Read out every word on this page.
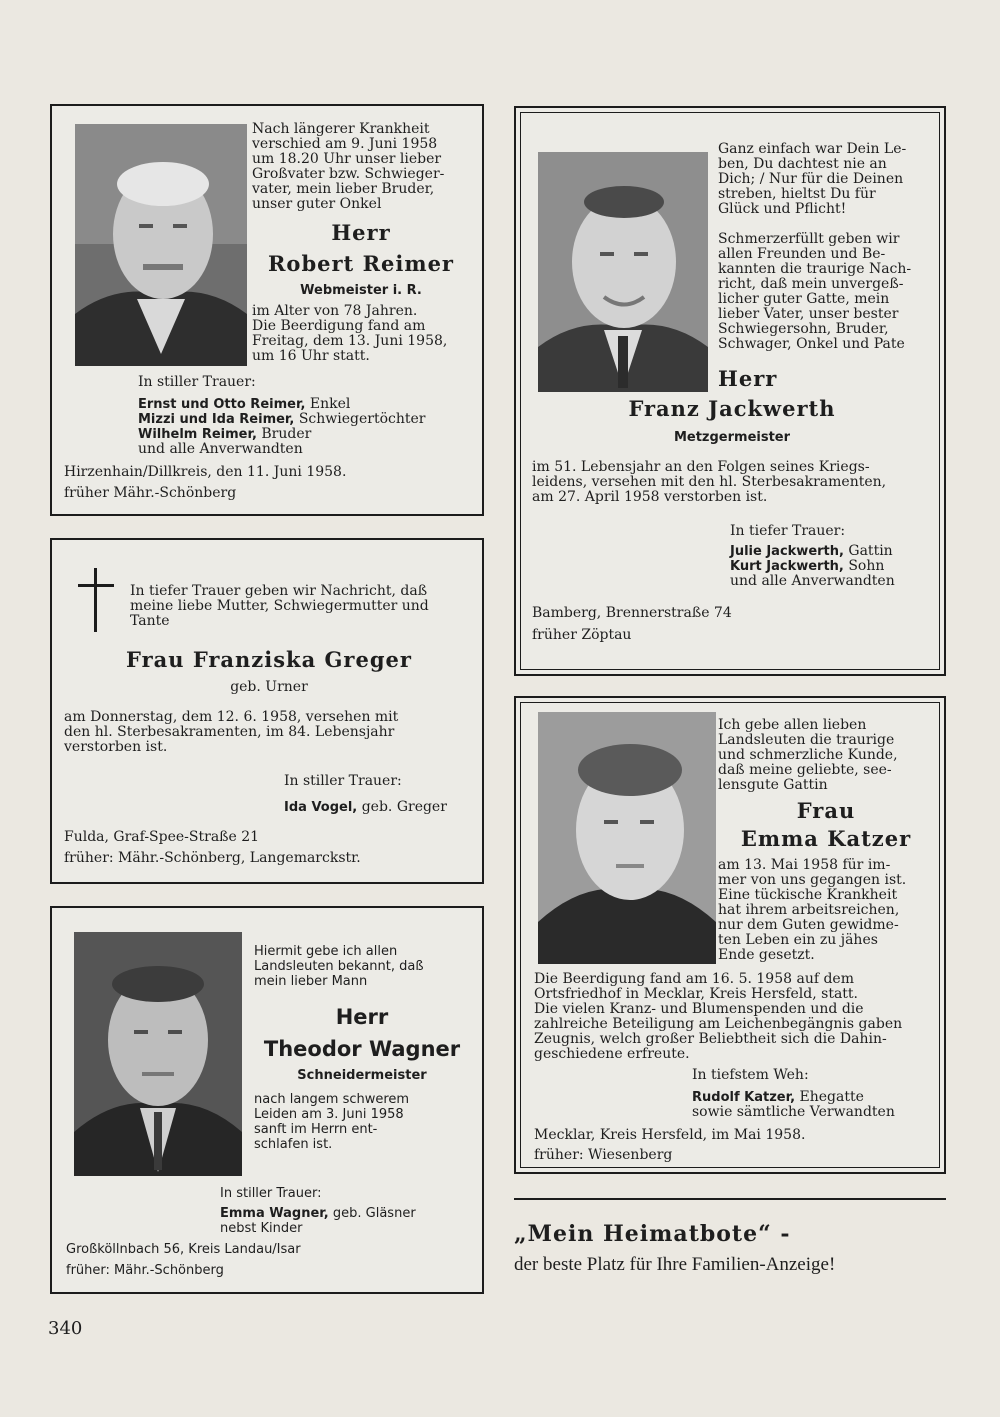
Nach längerer Krankheit
verschied am 9. Juni 1958
um 18.20 Uhr unser lieber
Großvater bzw. Schwieger-
vater, mein lieber Bruder,
unser guter Onkel
Herr
Robert Reimer
Webmeister i. R.
im Alter von 78 Jahren.
Die Beerdigung fand am
Freitag, dem 13. Juni 1958,
um 16 Uhr statt.
In stiller Trauer:
Ernst und Otto Reimer, Enkel
Mizzi und Ida Reimer, Schwiegertöchter
Wilhelm Reimer, Bruder
und alle Anverwandten
Hirzenhain/Dillkreis, den 11. Juni 1958.
früher Mähr.-Schönberg
In tiefer Trauer geben wir Nachricht, daß
meine liebe Mutter, Schwiegermutter und
Tante
Frau Franziska Greger
geb. Urner
am Donnerstag, dem 12. 6. 1958, versehen mit
den hl. Sterbesakramenten, im 84. Lebensjahr
verstorben ist.
In stiller Trauer:
Ida Vogel, geb. Greger
Fulda, Graf-Spee-Straße 21
früher: Mähr.-Schönberg, Langemarckstr.
Hiermit gebe ich allen
Landsleuten bekannt, daß
mein lieber Mann
Herr
Theodor Wagner
Schneidermeister
nach langem schwerem
Leiden am 3. Juni 1958
sanft im Herrn ent-
schlafen ist.
In stiller Trauer:
Emma Wagner, geb. Gläsner
nebst Kinder
Großköllnbach 56, Kreis Landau/Isar
früher: Mähr.-Schönberg
Ganz einfach war Dein Le-
ben, Du dachtest nie an
Dich; / Nur für die Deinen
streben, hieltst Du für
Glück und Pflicht!
Schmerzerfüllt geben wir
allen Freunden und Be-
kannten die traurige Nach-
richt, daß mein unvergeß-
licher guter Gatte, mein
lieber Vater, unser bester
Schwiegersohn, Bruder,
Schwager, Onkel und Pate
Herr
Franz Jackwerth
Metzgermeister
im 51. Lebensjahr an den Folgen seines Kriegs-
leidens, versehen mit den hl. Sterbesakramenten,
am 27. April 1958 verstorben ist.
In tiefer Trauer:
Julie Jackwerth, Gattin
Kurt Jackwerth, Sohn
und alle Anverwandten
Bamberg, Brennerstraße 74
früher Zöptau
Ich gebe allen lieben
Landsleuten die traurige
und schmerzliche Kunde,
daß meine geliebte, see-
lensgute Gattin
Frau
Emma Katzer
am 13. Mai 1958 für im-
mer von uns gegangen ist.
Eine tückische Krankheit
hat ihrem arbeitsreichen,
nur dem Guten gewidme-
ten Leben ein zu jähes
Ende gesetzt.
Die Beerdigung fand am 16. 5. 1958 auf dem
Ortsfriedhof in Mecklar, Kreis Hersfeld, statt.
Die vielen Kranz- und Blumenspenden und die
zahlreiche Beteiligung am Leichenbegängnis gaben
Zeugnis, welch großer Beliebtheit sich die Dahin-
geschiedene erfreute.
In tiefstem Weh:
Rudolf Katzer, Ehegatte
sowie sämtliche Verwandten
Mecklar, Kreis Hersfeld, im Mai 1958.
früher: Wiesenberg
„Mein Heimatbote“ -
der beste Platz für Ihre Familien-Anzeige!
340
